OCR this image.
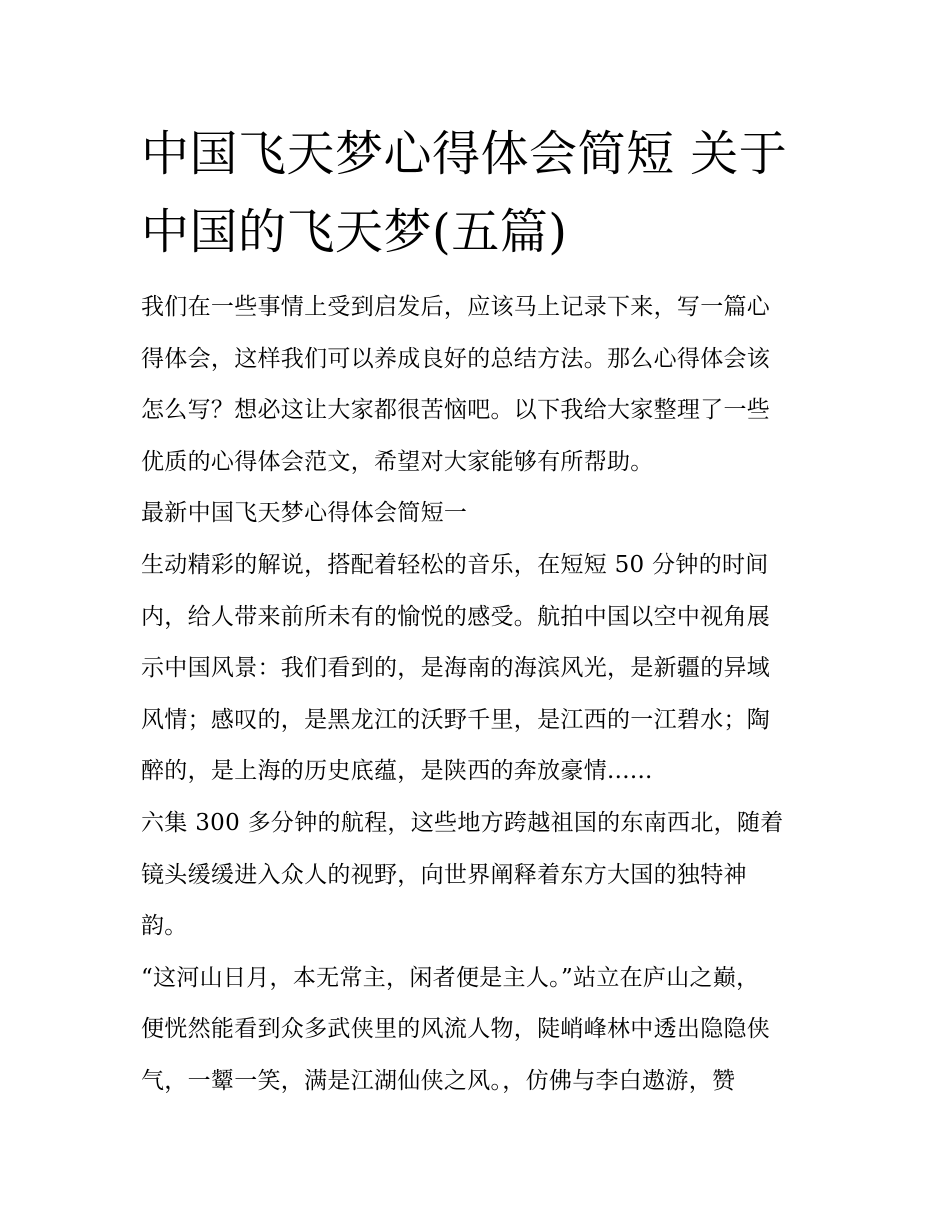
中国飞天梦心得体会简短 关于
中国的飞天梦(五篇)
我们在一些事情上受到启发后，应该马上记录下来，写一篇心
得体会，这样我们可以养成良好的总结方法。那么心得体会该
怎么写？想必这让大家都很苦恼吧。以下我给大家整理了一些
优质的心得体会范文，希望对大家能够有所帮助。
最新中国飞天梦心得体会简短一
生动精彩的解说，搭配着轻松的音乐，在短短 50 分钟的时间
内，给人带来前所未有的愉悦的感受。航拍中国以空中视角展
示中国风景：我们看到的，是海南的海滨风光，是新疆的异域
风情；感叹的，是黑龙江的沃野千里，是江西的一江碧水；陶
醉的，是上海的历史底蕴，是陕西的奔放豪情......
六集 300 多分钟的航程，这些地方跨越祖国的东南西北，随着
镜头缓缓进入众人的视野，向世界阐释着东方大国的独特神
韵。
“这河山日月，本无常主，闲者便是主人。”站立在庐山之巅，
便恍然能看到众多武侠里的风流人物，陡峭峰林中透出隐隐侠
气，一颦一笑，满是江湖仙侠之风。，仿佛与李白遨游，赞
